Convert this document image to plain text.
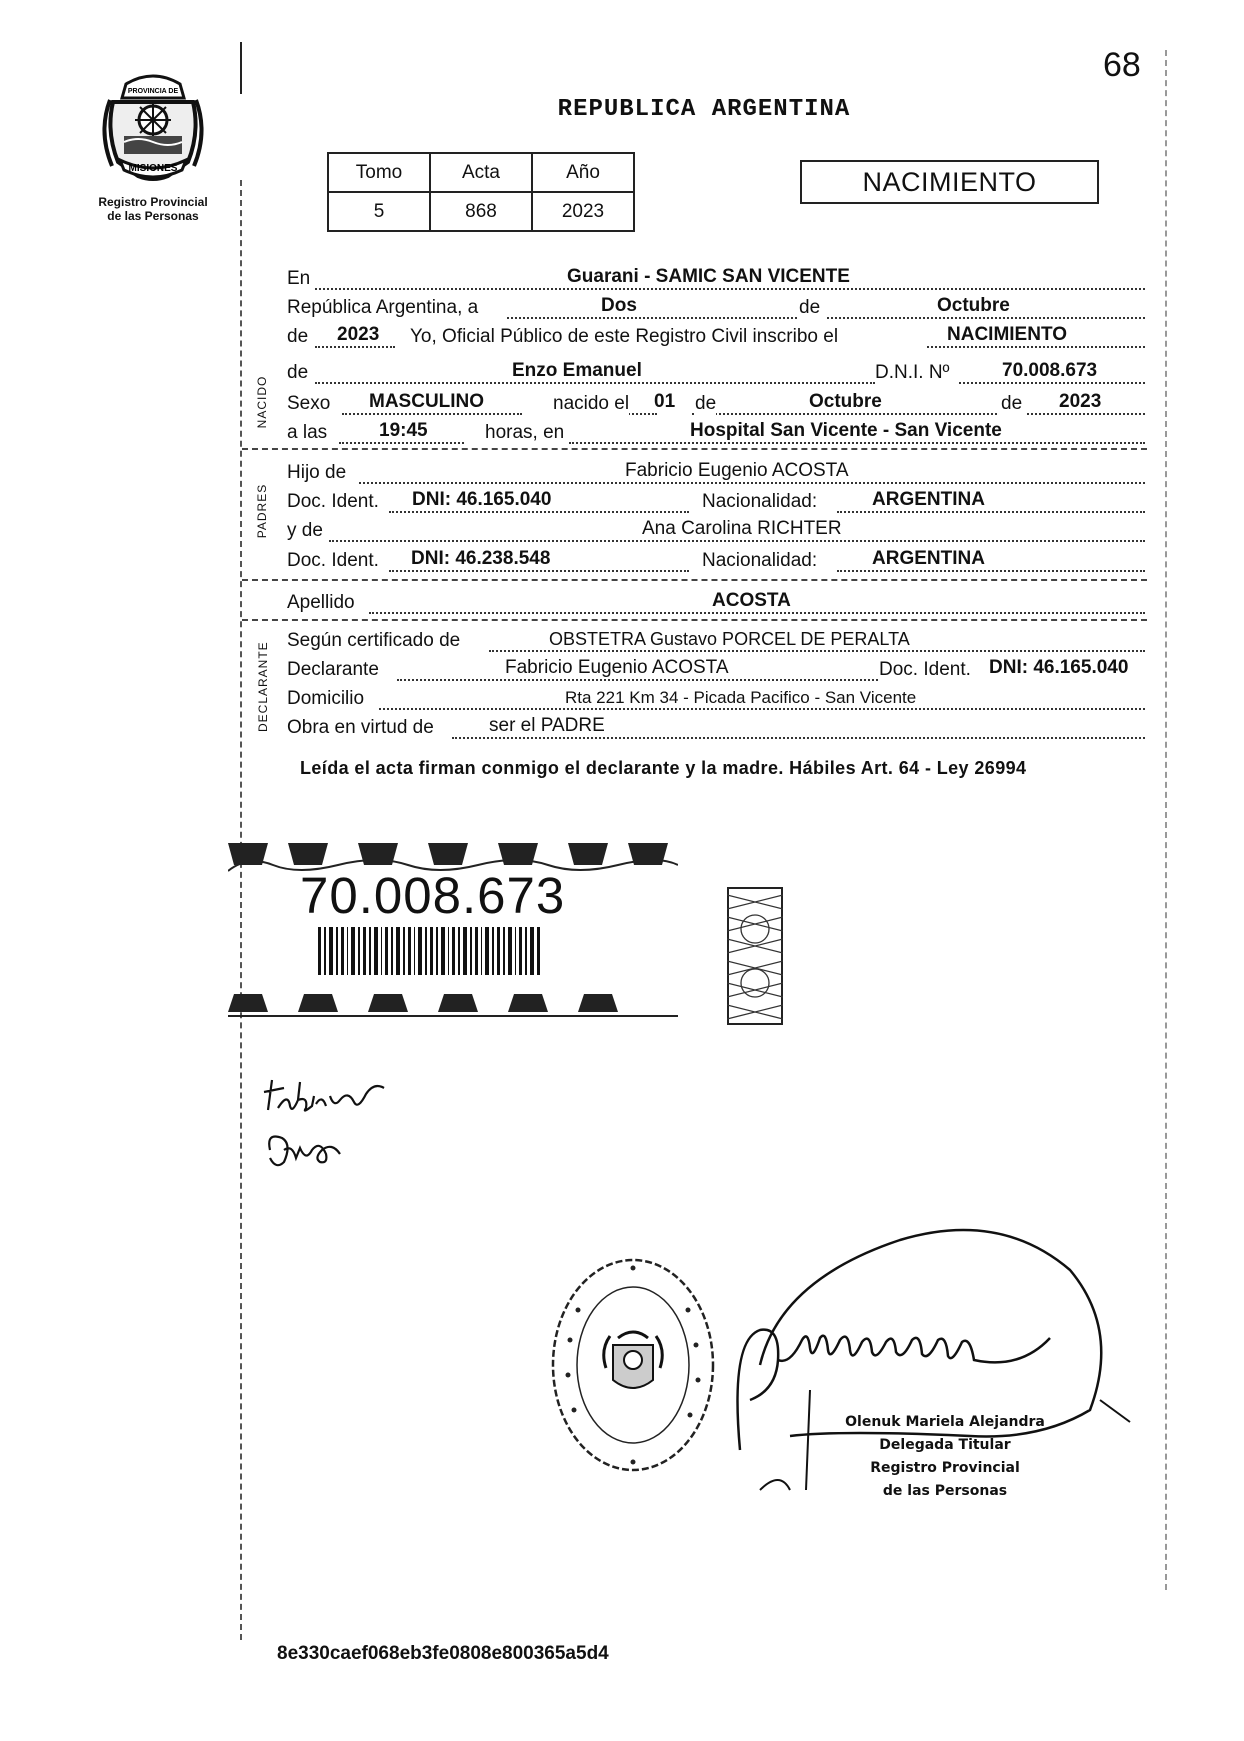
68
REPUBLICA ARGENTINA
MISIONES
PROVINCIA DE
Registro Provincial
de las Personas
Tomo	Acta	Año
5	868	2023
NACIMIENTO
NACIDO
PADRES
DECLARANTE
En	Guarani - SAMIC SAN VICENTE
República Argentina, a	Dos	de	Octubre
de 2023 Yo, Oficial Público de este Registro Civil inscribo el	NACIMIENTO
de	Enzo Emanuel	D.N.I. Nº	70.008.673
Sexo MASCULINO	nacido el 01 de	Octubre	de 2023
a las	19:45	horas, en	Hospital San Vicente - San Vicente
Hijo de	Fabricio Eugenio ACOSTA
Doc. Ident. DNI: 46.165.040	Nacionalidad:	ARGENTINA
y de	Ana Carolina RICHTER
Doc. Ident. DNI: 46.238.548	Nacionalidad:	ARGENTINA
Apellido	ACOSTA
Según certificado de	OBSTETRA Gustavo PORCEL DE PERALTA
Declarante	Fabricio Eugenio ACOSTA	Doc. Ident. DNI: 46.165.040
Domicilio	Rta 221 Km 34 - Picada Pacifico - San Vicente
Obra en virtud de	ser el PADRE
Leída el acta firman conmigo el declarante y la madre. Hábiles Art. 64 - Ley 26994
70.008.673
Olenuk Mariela Alejandra
Delegada Titular
Registro Provincial
de las Personas
8e330caef068eb3fe0808e800365a5d4
